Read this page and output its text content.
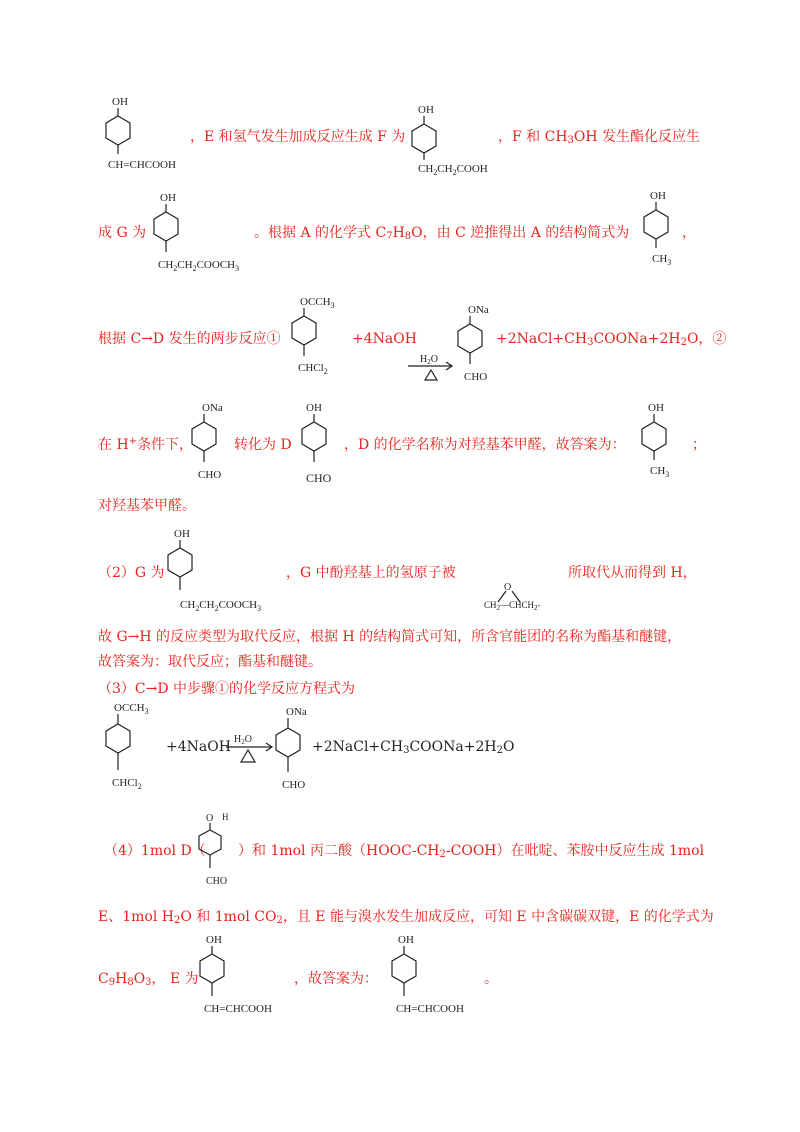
OH
CH=CHCOOH
，E 和氢气发生加成反应生成 F 为
OH
$CH_2CH_2COOH$
，F 和 $CH_3OH$ 发生酯化反应生
成 G 为
OH
$CH_2CH_2COOCH_3$
。根据 A 的化学式 $C_7H_8O$，由 C 逆推得出 A 的结构简式为
OH
$CH_3$
，
根据 C→D 发生的两步反应①
$OCCH_3$
CHCl$_2$
+4NaOH
$H_2O$
ONa
CHO
$+2NaCl+CH_3COONa+2H_2O$，②
在 H+条件下，
ONa
CHO
转化为 D
OH
CHO
，D 的化学名称为对羟基苯甲醛，故答案为：
OH
$CH_3$
；
对羟基苯甲醛。
（2）G 为
OH
$CH_2CH_2COOCH_3$
，G 中酚羟基上的氢原子被
O
$CH_2—CHCH_2-$
所取代从而得到 H，
故 G→H 的反应类型为取代反应，根据 H 的结构简式可知，所含官能团的名称为酯基和醚键，
故答案为：取代反应；酯基和醚键。
（3）C→D 中步骤①的化学反应方程式为
$OCCH_3$
CHCl$_2$
+4NaOH $H_2O$
ONa
CHO
$+2NaCl+CH_3COONa+2H_2O$
（4）1mol D（
O H
CHO
）和 1mol 丙二酸$(HOOC-CH_2-COOH)$在吡啶、苯胺中反应生成 1mol
E、1mol $H_2O$ 和 1mol $CO_2$，且 E 能与溴水发生加成反应，可知 E 中含碳碳双键，E 的化学式为
$C_9H_8O_3$， E 为
OH
CH=CHCOOH
，故答案为：
OH
CH=CHCOOH
。
